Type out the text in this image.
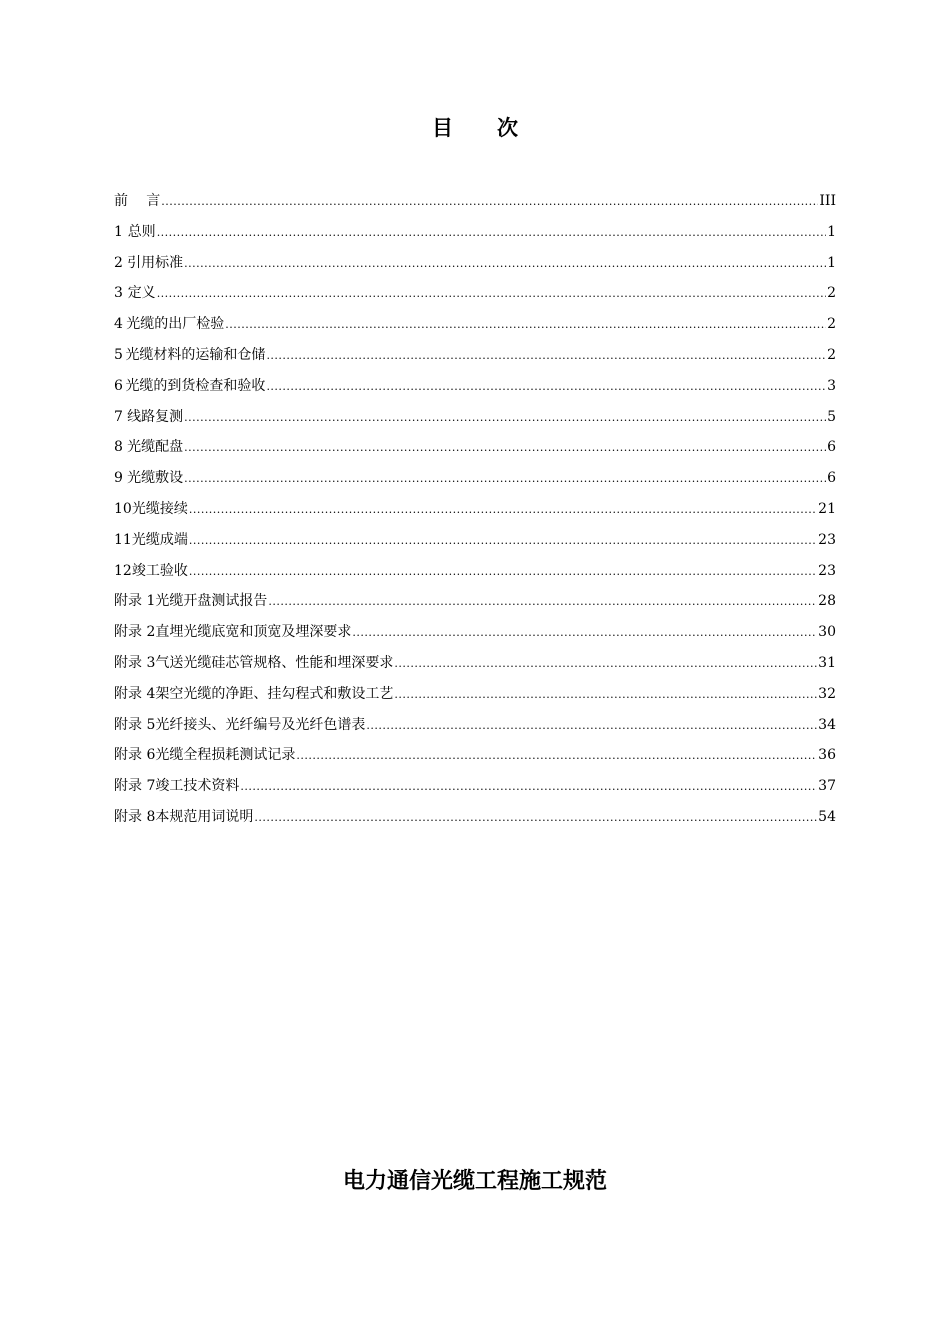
目 次
前	言 .....	III
1 总则 .....	1
2 引用标准 .....	1
3 定义 .....	2
4 光缆的出厂检验 .....	2
5 光缆材料的运输和仓储 .....	2
6 光缆的到货检查和验收 .....	3
7 线路复测 .....	5
8 光缆配盘 .....	6
9 光缆敷设 .....	6
10 光缆接续 .....	21
11 光缆成端 .....	23
12 竣工验收 .....	23
附录 1 光缆开盘测试报告 .....	28
附录 2 直埋光缆底宽和顶宽及埋深要求 .....	30
附录 3 气送光缆硅芯管规格、性能和埋深要求 .....	31
附录 4 架空光缆的净距、挂勾程式和敷设工艺 .....	32
附录 5 光纤接头、光纤编号及光纤色谱表 .....	34
附录 6 光缆全程损耗测试记录 .....	36
附录 7 竣工技术资料 .....	37
附录 8 本规范用词说明 .....	54
电力通信光缆工程施工规范
